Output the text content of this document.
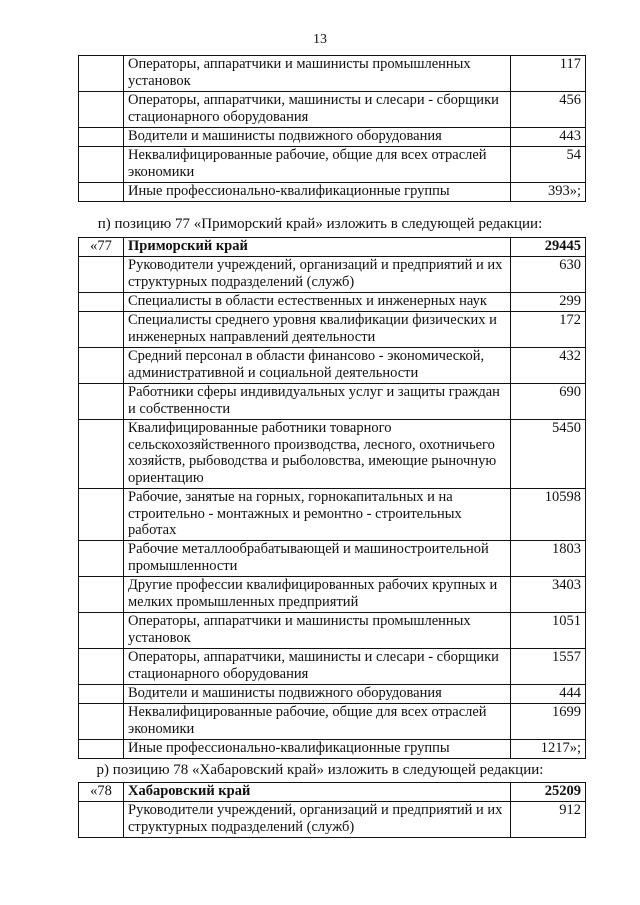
13
	Операторы, аппаратчики и машинисты промышленных установок	117
	Операторы, аппаратчики, машинисты и слесари - сборщики стационарного оборудования	456
	Водители и машинисты подвижного оборудования	443
	Неквалифицированные рабочие, общие для всех отраслей экономики	54
	Иные профессионально-квалификационные группы	393»;
п) позицию 77 «Приморский край» изложить в следующей редакции:
«77	Приморский край	29445
	Руководители учреждений, организаций и предприятий и их структурных подразделений (служб)	630
	Специалисты в области естественных и инженерных наук	299
	Специалисты среднего уровня квалификации физических и инженерных направлений деятельности	172
	Средний персонал в области финансово - экономической, административной и социальной деятельности	432
	Работники сферы индивидуальных услуг и защиты граждан и собственности	690
	Квалифицированные работники товарного сельскохозяйственного производства, лесного, охотничьего хозяйств, рыбоводства и рыболовства, имеющие рыночную ориентацию	5450
	Рабочие, занятые на горных, горнокапитальных и на строительно - монтажных и ремонтно - строительных работах	10598
	Рабочие металлообрабатывающей и машиностроительной промышленности	1803
	Другие профессии квалифицированных рабочих крупных и мелких промышленных предприятий	3403
	Операторы, аппаратчики и машинисты промышленных установок	1051
	Операторы, аппаратчики, машинисты и слесари - сборщики стационарного оборудования	1557
	Водители и машинисты подвижного оборудования	444
	Неквалифицированные рабочие, общие для всех отраслей экономики	1699
	Иные профессионально-квалификационные группы	1217»;
р) позицию 78 «Хабаровский край» изложить в следующей редакции:
«78	Хабаровский край	25209
	Руководители учреждений, организаций и предприятий и их структурных подразделений (служб)	912
